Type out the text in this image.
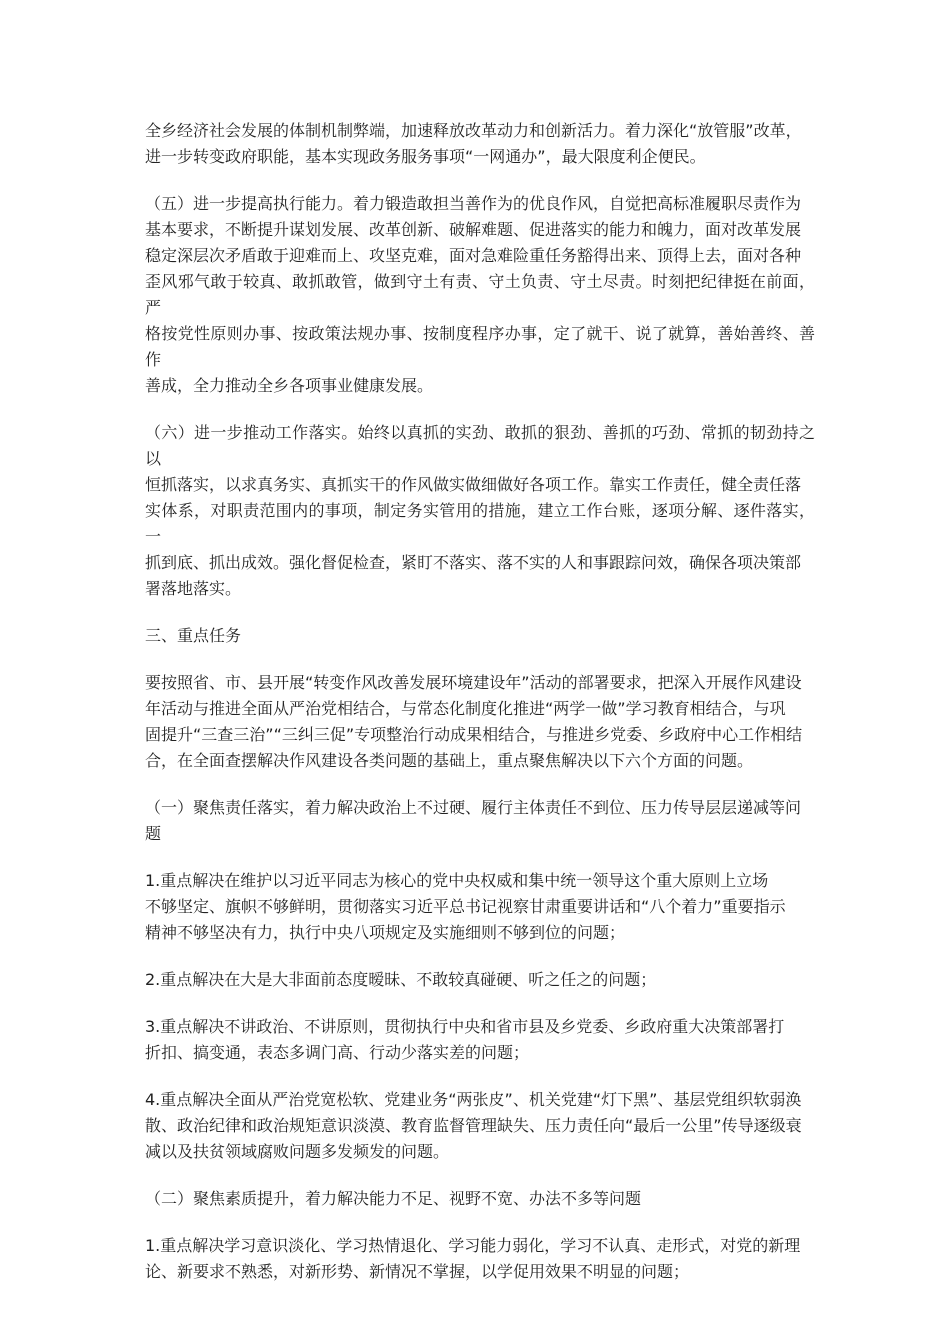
全乡经济社会发展的体制机制弊端，加速释放改革动力和创新活力。着力深化“放管服”改革，
进一步转变政府职能，基本实现政务服务事项“一网通办”，最大限度利企便民。

（五）进一步提高执行能力。着力锻造敢担当善作为的优良作风，自觉把高标准履职尽责作为
基本要求，不断提升谋划发展、改革创新、破解难题、促进落实的能力和魄力，面对改革发展
稳定深层次矛盾敢于迎难而上、攻坚克难，面对急难险重任务豁得出来、顶得上去，面对各种
歪风邪气敢于较真、敢抓敢管，做到守土有责、守土负责、守土尽责。时刻把纪律挺在前面，严
格按党性原则办事、按政策法规办事、按制度程序办事，定了就干、说了就算，善始善终、善作
善成，全力推动全乡各项事业健康发展。

（六）进一步推动工作落实。始终以真抓的实劲、敢抓的狠劲、善抓的巧劲、常抓的韧劲持之以
恒抓落实，以求真务实、真抓实干的作风做实做细做好各项工作。靠实工作责任，健全责任落
实体系，对职责范围内的事项，制定务实管用的措施，建立工作台账，逐项分解、逐件落实，一
抓到底、抓出成效。强化督促检查，紧盯不落实、落不实的人和事跟踪问效，确保各项决策部
署落地落实。

三、重点任务

要按照省、市、县开展“转变作风改善发展环境建设年”活动的部署要求，把深入开展作风建设
年活动与推进全面从严治党相结合，与常态化制度化推进“两学一做”学习教育相结合，与巩
固提升“三查三治”“三纠三促”专项整治行动成果相结合，与推进乡党委、乡政府中心工作相结
合，在全面查摆解决作风建设各类问题的基础上，重点聚焦解决以下六个方面的问题。

（一）聚焦责任落实，着力解决政治上不过硬、履行主体责任不到位、压力传导层层递减等问
题

1.重点解决在维护以习近平同志为核心的党中央权威和集中统一领导这个重大原则上立场
不够坚定、旗帜不够鲜明，贯彻落实习近平总书记视察甘肃重要讲话和“八个着力”重要指示
精神不够坚决有力，执行中央八项规定及实施细则不够到位的问题；

2.重点解决在大是大非面前态度暧昧、不敢较真碰硬、听之任之的问题；

3.重点解决不讲政治、不讲原则，贯彻执行中央和省市县及乡党委、乡政府重大决策部署打
折扣、搞变通，表态多调门高、行动少落实差的问题；

4.重点解决全面从严治党宽松软、党建业务“两张皮”、机关党建“灯下黑”、基层党组织软弱涣
散、政治纪律和政治规矩意识淡漠、教育监督管理缺失、压力责任向“最后一公里”传导逐级衰
减以及扶贫领域腐败问题多发频发的问题。

（二）聚焦素质提升，着力解决能力不足、视野不宽、办法不多等问题

1.重点解决学习意识淡化、学习热情退化、学习能力弱化，学习不认真、走形式，对党的新理
论、新要求不熟悉，对新形势、新情况不掌握，以学促用效果不明显的问题；
